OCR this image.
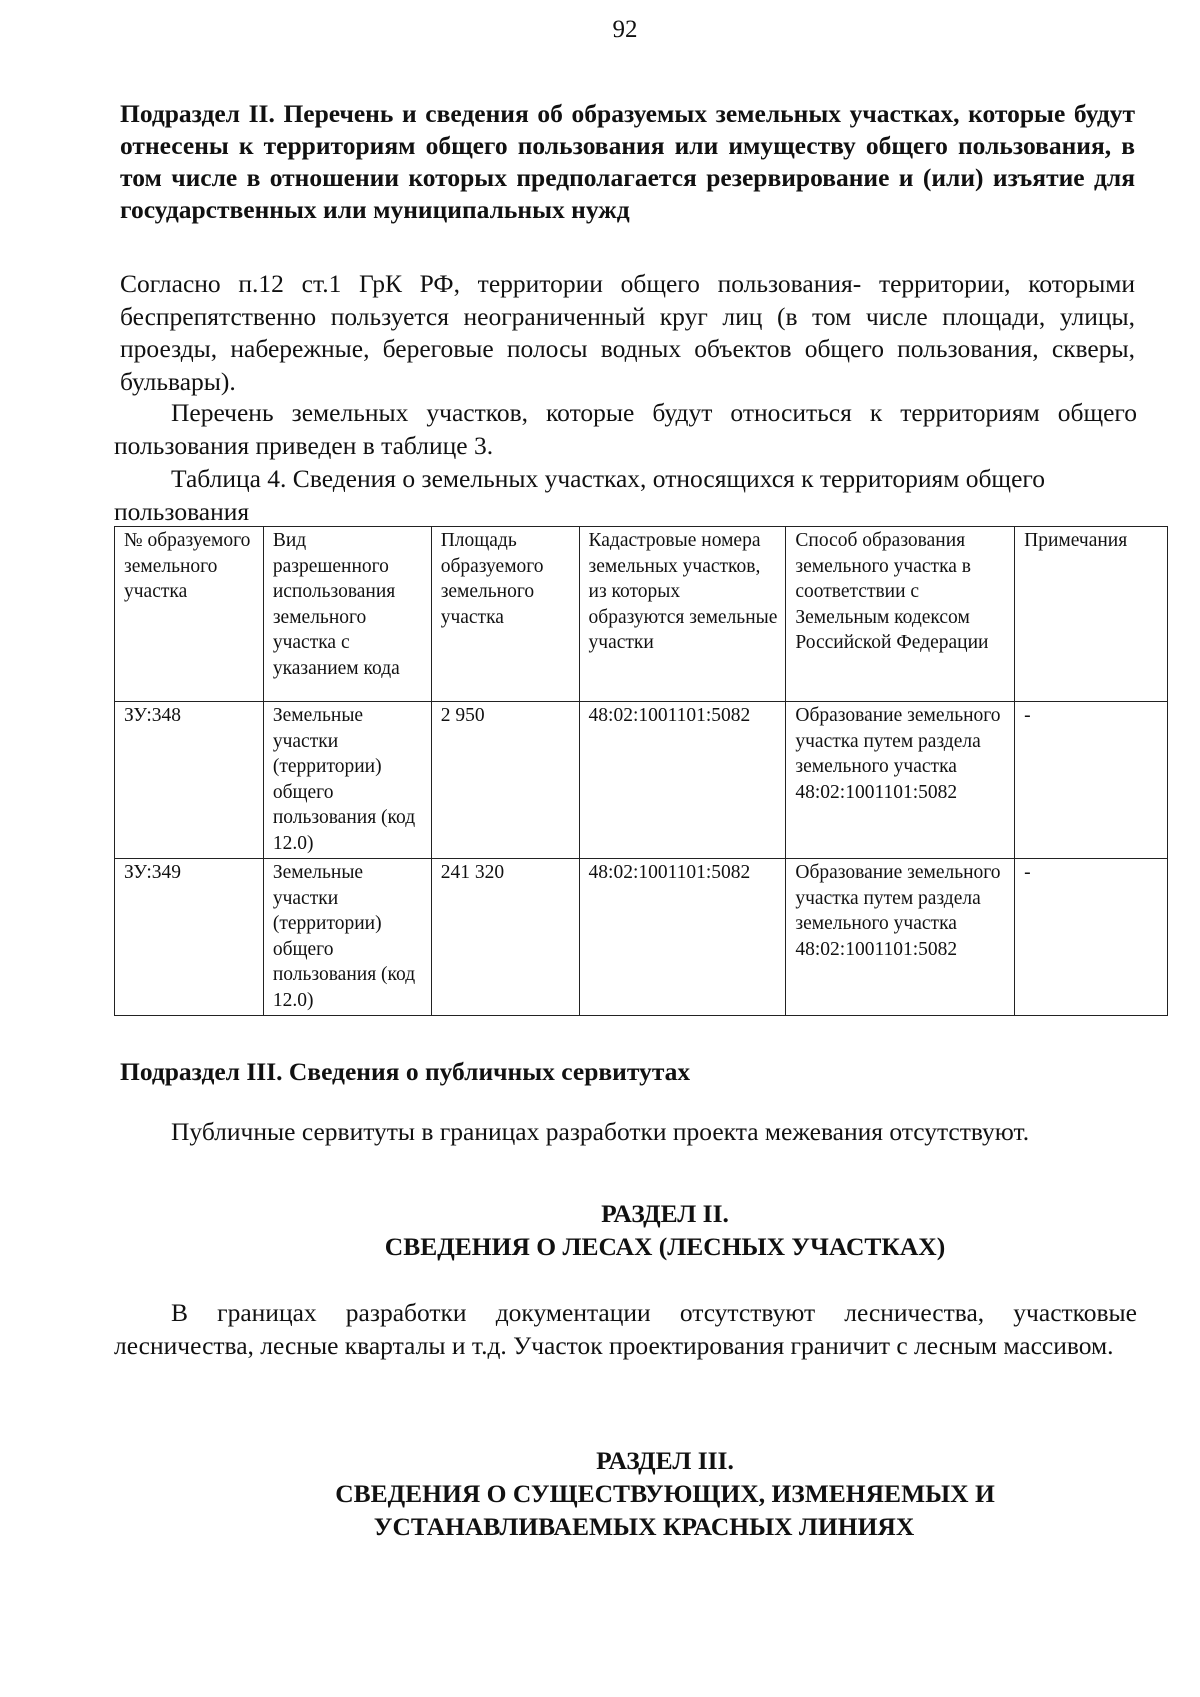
92
Подраздел II. Перечень и сведения об образуемых земельных участках, которые будут отнесены к территориям общего пользования или имуществу общего пользования, в том числе в отношении которых предполагается резервирование и (или) изъятие для государственных или муниципальных нужд
Согласно п.12 ст.1 ГрК РФ, территории общего пользования- территории, которыми беспрепятственно пользуется неограниченный круг лиц (в том числе площади, улицы, проезды, набережные, береговые полосы водных объектов общего пользования, скверы, бульвары).
Перечень земельных участков, которые будут относиться к территориям общего пользования приведен в таблице 3.
Таблица 4. Сведения о земельных участках, относящихся к территориям общего пользования
№ образуемого земельного участка	Вид разрешенного использования земельного участка с указанием кода	Площадь образуемого земельного участка	Кадастровые номера земельных участков, из которых образуются земельные участки	Способ образования земельного участка в соответствии с Земельным кодексом Российской Федерации	Примечания
ЗУ:348	Земельные участки (территории) общего пользования (код 12.0)	2 950	48:02:1001101:5082	Образование земельного участка путем раздела земельного участка 48:02:1001101:5082	-
ЗУ:349	Земельные участки (территории) общего пользования (код 12.0)	241 320	48:02:1001101:5082	Образование земельного участка путем раздела земельного участка 48:02:1001101:5082	-
Подраздел III. Сведения о публичных сервитутах
Публичные сервитуты в границах разработки проекта межевания отсутствуют.
РАЗДЕЛ II.
СВЕДЕНИЯ О ЛЕСАХ (ЛЕСНЫХ УЧАСТКАХ)
В границах разработки документации отсутствуют лесничества, участковые лесничества, лесные кварталы и т.д. Участок проектирования граничит с лесным массивом.
РАЗДЕЛ III.
СВЕДЕНИЯ О СУЩЕСТВУЮЩИХ, ИЗМЕНЯЕМЫХ И
УСТАНАВЛИВАЕМЫХ КРАСНЫХ ЛИНИЯХ
